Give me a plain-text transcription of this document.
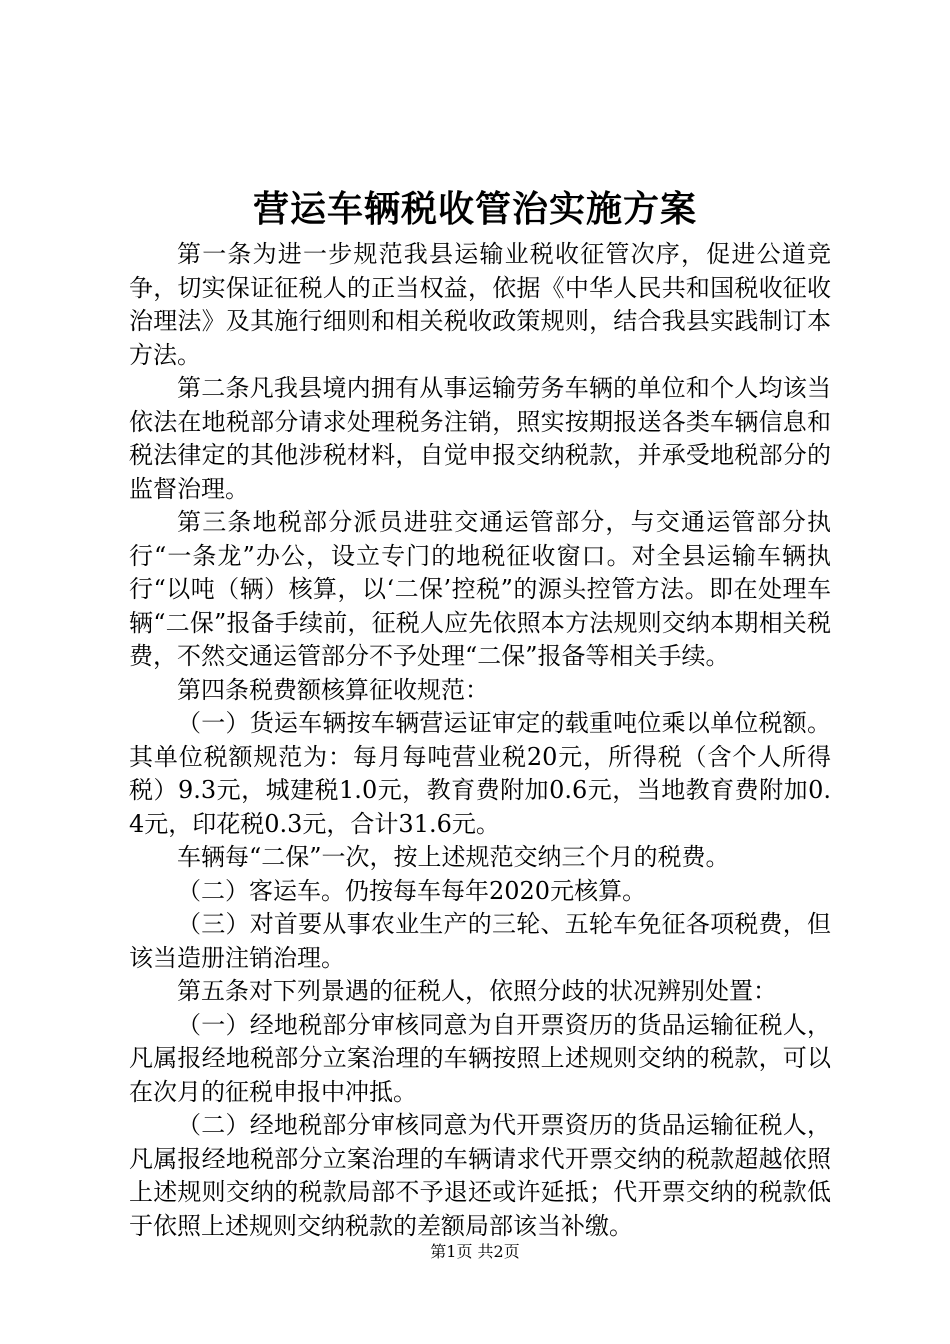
营运车辆税收管治实施方案

第一条为进一步规范我县运输业税收征管次序，促进公道竞争，切实保证征税人的正当权益，依据《中华人民共和国税收征收治理法》及其施行细则和相关税收政策规则，结合我县实践制订本方法。

第二条凡我县境内拥有从事运输劳务车辆的单位和个人均该当依法在地税部分请求处理税务注销，照实按期报送各类车辆信息和税法律定的其他涉税材料，自觉申报交纳税款，并承受地税部分的监督治理。

第三条地税部分派员进驻交通运管部分，与交通运管部分执行“一条龙”办公，设立专门的地税征收窗口。对全县运输车辆执行“以吨（辆）核算，以‘二保’控税”的源头控管方法。即在处理车辆“二保”报备手续前，征税人应先依照本方法规则交纳本期相关税费，不然交通运管部分不予处理“二保”报备等相关手续。

第四条税费额核算征收规范：

（一）货运车辆按车辆营运证审定的载重吨位乘以单位税额。其单位税额规范为：每月每吨营业税20元，所得税（含个人所得税）9.3元，城建税1.0元，教育费附加0.6元，当地教育费附加0.4元，印花税0.3元，合计31.6元。

车辆每“二保”一次，按上述规范交纳三个月的税费。

（二）客运车。仍按每车每年2020元核算。

（三）对首要从事农业生产的三轮、五轮车免征各项税费，但该当造册注销治理。

第五条对下列景遇的征税人，依照分歧的状况辨别处置：

（一）经地税部分审核同意为自开票资历的货品运输征税人，凡属报经地税部分立案治理的车辆按照上述规则交纳的税款，可以在次月的征税申报中冲抵。

（二）经地税部分审核同意为代开票资历的货品运输征税人，凡属报经地税部分立案治理的车辆请求代开票交纳的税款超越依照上述规则交纳的税款局部不予退还或许延抵；代开票交纳的税款低于依照上述规则交纳税款的差额局部该当补缴。

第1页 共2页
